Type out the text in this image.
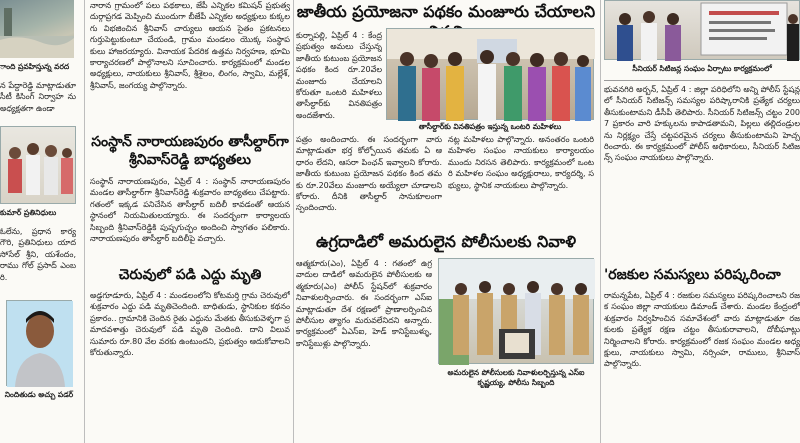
ాంది ప్రవహిస్తున్న వరద
న పేద్దారెడ్డి మాట్లాడుతూ సీటీ కిసింగ్ నిర్వాహ ను అధ్యక్షతగా ఉండా
కుమార్ ప్రతినిధులు
ఓలేను, ప్రధాన కార్య గౌరి, ప్రతినిధులు యాద సోసేల్ శ్రీని, యశేందం, రాము గోల్ ప్రసాద్ ఎంబరి.
నిందితుడు అచ్చు పడర్
నారాన గ్రామంలో పలు పథకాలు, జేపీ ఎన్నికల కమిషన్ ప్రభుత్వ దుర్గాప్రగడ మెప్పించి ముందుగా బీజేపీ ఎన్నికల అధ్యక్షులు కుక్కలగు విభజించిన శ్రీనివాస్ చార్యులు ఆయన సైతం ప్రకటనలు గుర్తుపెట్టుకుంటూ చేయండి, గ్రామం మండలం యొక్క సంస్థాపకులు హాజరయ్యారు. వినాయక పేదరిక ఉత్తమ నిర్వహణ, భూమి కార్యాచరణలో పాల్గొనాలని సూచించారు. కార్యక్రమంలో మండల అధ్యక్షులు, నాయకులు శ్రీనివాస్, శ్రీశైలం, లింగం, స్వామి, మల్లేశ్, శ్రీనివాస్, జంగయ్య పాల్గొన్నారు.
సంస్థాన్ నారాయణపురం తాసీల్దార్‌గా శ్రీనివాస్‌రెడ్డి బాధ్యతలు
సంస్థాన్ నారాయణపురం, ఏప్రిల్ 4 : సంస్థాన్ నారాయణపురం మండల తాసీల్దార్‌గా శ్రీనివాస్‌రెడ్డి శుక్రవారం బాధ్యతలు చేపట్టారు. గతంలో ఇక్కడ పనిచేసిన తాసీల్దార్ బదిలీ కావడంతో ఆయన స్థానంలో నియమితులయ్యారు. ఈ సందర్భంగా కార్యాలయ సిబ్బంది శ్రీనివాస్‌రెడ్డికి పుష్పగుచ్ఛం అందించి స్వాగతం పలికారు. నారాయణపురం తాసీల్దార్ బదిలీపై వచ్చారు.
చెరువులో పడి ఎద్దు మృతి
అడ్డగూడూరు, ఏప్రిల్ 4 : మండలంలోని కోటమర్తి గ్రామ చెరువులో శుక్రవారం ఎద్దు పడి మృతిచెందింది. బాధితుడు, స్థానికుల కథనం ప్రకారం.. గ్రామానికి చెందిన రైతు ఎద్దును మేతకు తీసుకువెళ్ళగా ప్రమాదవశాత్తు చెరువులో పడి మృతి చెందింది. దాని విలువ సుమారు రూ.80 వేల వరకు ఉంటుందని, ప్రభుత్వం ఆదుకోవాలని కోరుతున్నారు.
జాతీయ ప్రయోజనా పథకం మంజూరు చేయాలని
కుర్నాపల్లి, ఏప్రిల్ 4 : కేంద్ర ప్రభుత్వం అమలు చేస్తున్న జాతీయ కుటుంబ ప్రయోజన పథకం కింద రూ.20వేల మంజూరు చేయాలని కోరుతూ ఒంటరి మహిళలు తాసీల్దార్‌కు వినతిపత్రం అందజేశారు.
తాసీల్దార్‌కు వినతిపత్రం ఇస్తున్న ఒంటరి మహిళలు
పత్రం అందించారు. ఈ సందర్భంగా వారు మాట్లాడుతూ భర్త కోల్పోయిన తమకు ఏ ఆధారం లేదని, ఆసరా పింఛన్ ఇవ్వాలని కోరారు. జాతీయ కుటుంబ ప్రయోజన పథకం కింద తమకు రూ.20వేలు మంజూరు అయ్యేలా చూడాలని కోరారు. దీనికి తాసీల్దార్ సానుకూలంగా స్పందించారు.
నట్ల మహిళలు పాల్గొన్నారు. అనంతరం ఒంటరి మహిళల సంఘం నాయకులు కార్యాలయం ముందు నిరసన తెలిపారు. కార్యక్రమంలో ఒంటరి మహిళల సంఘం అధ్యక్షురాలు, కార్యదర్శి, సభ్యులు, స్థానిక నాయకులు పాల్గొన్నారు.
ఉగ్రదాడిలో అమరులైన పోలీసులకు నివాళి
ఆత్మకూరు(ఎం), ఏప్రిల్ 4 : గతంలో ఉగ్రవాదుల దాడిలో అమరులైన పోలీసులకు ఆత్మకూరు(ఎం) పోలీస్ స్టేషన్‌లో శుక్రవారం నివాళులర్పించారు. ఈ సందర్భంగా ఎస్ఐ మాట్లాడుతూ దేశ రక్షణలో ప్రాణాలర్పించిన పోలీసుల త్యాగం మరువలేనిదని అన్నారు. కార్యక్రమంలో ఏఎస్ఐ, హెడ్ కానిస్టేబుళ్ళు, కానిస్టేబుళ్లు పాల్గొన్నారు.
అమరులైన పోలీసులకు నివాళులర్పిస్తున్న ఎస్ఐ కృష్ణయ్య, పోలీసు సిబ్బంది
సీనియర్ సిటిజన్ల సంఘం ఏర్పాటు కార్యక్రమంలో
భువనగిరి అర్బన్, ఏప్రిల్ 4 : జిల్లా పరిధిలోని అన్ని పోలీస్ స్టేషన్లలో సీనియర్ సిటిజన్స్ సమస్యల పరిష్కారానికి ప్రత్యేక చర్యలు తీసుకుంటామని డీసీపీ తెలిపారు. సీనియర్ సిటిజన్స్ చట్టం 2007 ప్రకారం వారి హక్కులను కాపాడతామని, పిల్లలు తల్లిదండ్రులను నిర్లక్ష్యం చేస్తే చట్టపరమైన చర్యలు తీసుకుంటామని హెచ్చరించారు. ఈ కార్యక్రమంలో పోలీస్ అధికారులు, సీనియర్ సిటిజన్స్ సంఘం నాయకులు పాల్గొన్నారు.
'రజకుల సమస్యలు పరిష్కరించా
రామన్నపేట, ఏప్రిల్ 4 : రజకుల సమస్యలు పరిష్కరించాలని రజక సంఘం జిల్లా నాయకులు డిమాండ్ చేశారు. మండల కేంద్రంలో శుక్రవారం నిర్వహించిన సమావేశంలో వారు మాట్లాడుతూ రజకులకు ప్రత్యేక రక్షణ చట్టం తీసుకురావాలని, దోబీఘాట్లు నిర్మించాలని కోరారు. కార్యక్రమంలో రజక సంఘం మండల అధ్యక్షులు, నాయకులు స్వామి, నర్సింహ, రాములు, శ్రీనివాస్ పాల్గొన్నారు.
